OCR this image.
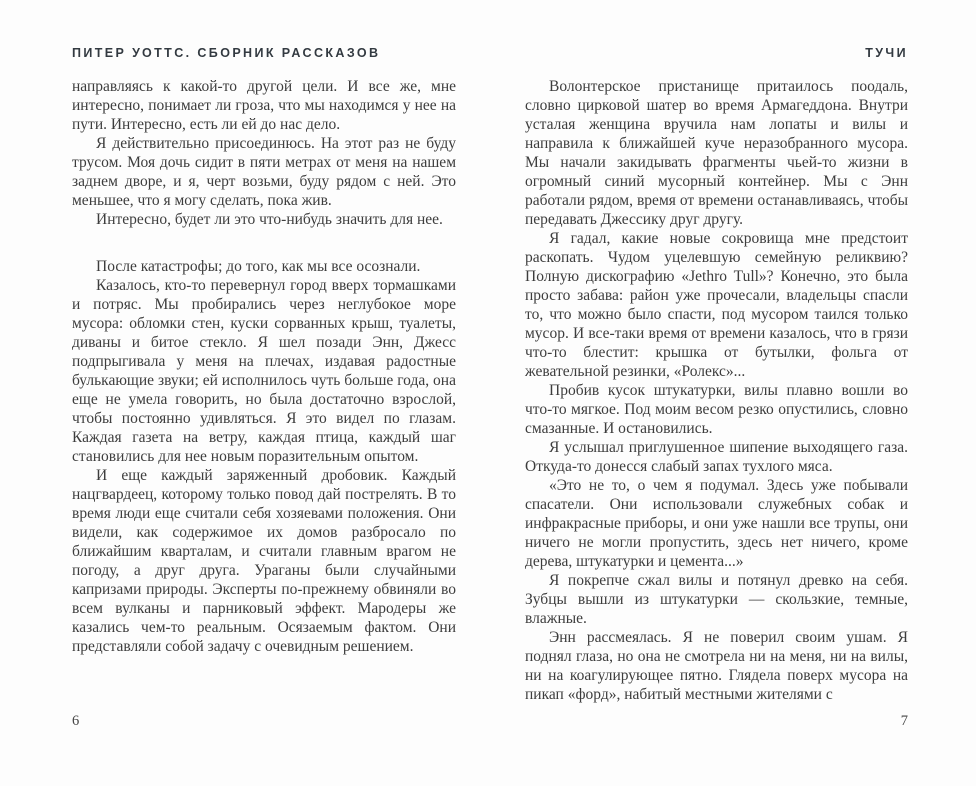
ПИТЕР УОТТС. СБОРНИК РАССКАЗОВ

направляясь к какой-то другой цели. И все же, мне интересно, понимает ли гроза, что мы находимся у нее на пути. Интересно, есть ли ей до нас дело.

Я действительно присоединюсь. На этот раз не буду трусом. Моя дочь сидит в пяти метрах от меня на нашем заднем дворе, и я, черт возьми, буду рядом с ней. Это меньшее, что я могу сделать, пока жив.

Интересно, будет ли это что-нибудь значить для нее.

После катастрофы; до того, как мы все осознали.

Казалось, кто-то перевернул город вверх тормашками и потряс. Мы пробирались через неглубокое море мусора: обломки стен, куски сорванных крыш, туалеты, диваны и битое стекло. Я шел позади Энн, Джесс подпрыгивала у меня на плечах, издавая радостные булькающие звуки; ей исполнилось чуть больше года, она еще не умела говорить, но была достаточно взрослой, чтобы постоянно удивляться. Я это видел по глазам. Каждая газета на ветру, каждая птица, каждый шаг становились для нее новым поразительным опытом.

И еще каждый заряженный дробовик. Каждый нацгвардеец, которому только повод дай пострелять. В то время люди еще считали себя хозяевами положения. Они видели, как содержимое их домов разбросало по ближайшим кварталам, и считали главным врагом не погоду, а друг друга. Ураганы были случайными капризами природы. Эксперты по-прежнему обвиняли во всем вулканы и парниковый эффект. Мародеры же казались чем-то реальным. Осязаемым фактом. Они представляли собой задачу с очевидным решением.

6
ТУЧИ

Волонтерское пристанище притаилось поодаль, словно цирковой шатер во время Армагеддона. Внутри усталая женщина вручила нам лопаты и вилы и направила к ближайшей куче неразобранного мусора. Мы начали закидывать фрагменты чьей-то жизни в огромный синий мусорный контейнер. Мы с Энн работали рядом, время от времени останавливаясь, чтобы передавать Джессику друг другу.

Я гадал, какие новые сокровища мне предстоит раскопать. Чудом уцелевшую семейную реликвию? Полную дискографию «Jethro Tull»? Конечно, это была просто забава: район уже прочесали, владельцы спасли то, что можно было спасти, под мусором таился только мусор. И все-таки время от времени казалось, что в грязи что-то блестит: крышка от бутылки, фольга от жевательной резинки, «Ролекс»...

Пробив кусок штукатурки, вилы плавно вошли во что-то мягкое. Под моим весом резко опустились, словно смазанные. И остановились.

Я услышал приглушенное шипение выходящего газа. Откуда-то донесся слабый запах тухлого мяса.

«Это не то, о чем я подумал. Здесь уже побывали спасатели. Они использовали служебных собак и инфракрасные приборы, и они уже нашли все трупы, они ничего не могли пропустить, здесь нет ничего, кроме дерева, штукатурки и цемента...»

Я покрепче сжал вилы и потянул древко на себя. Зубцы вышли из штукатурки — скользкие, темные, влажные.

Энн рассмеялась. Я не поверил своим ушам. Я поднял глаза, но она не смотрела ни на меня, ни на вилы, ни на коагулирующее пятно. Глядела поверх мусора на пикап «форд», набитый местными жителями с

7
